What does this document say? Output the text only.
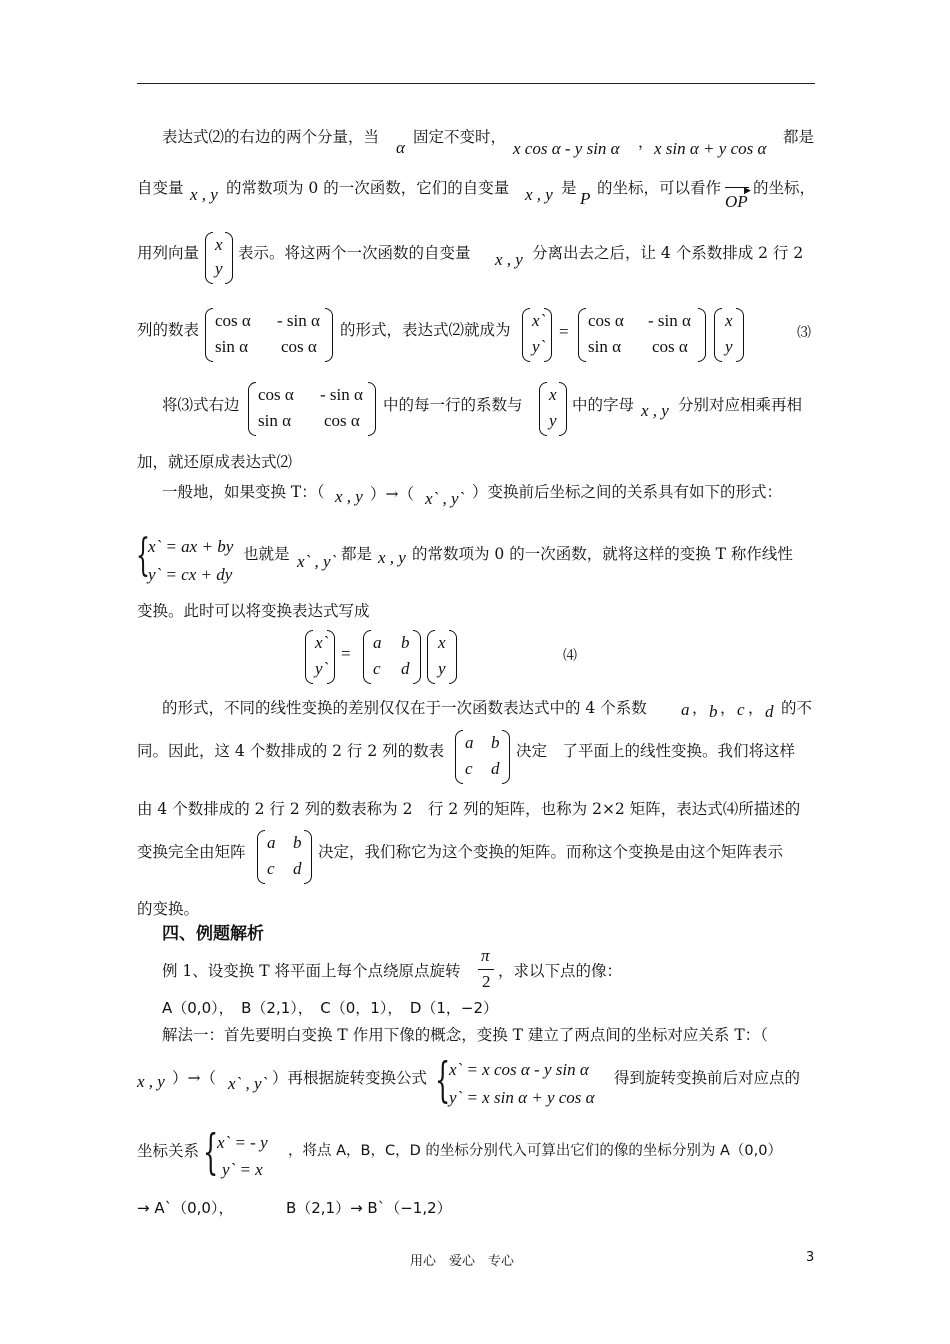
表达式⑵的右边的两个分量，当
α
固定不变时，
x cos α - y sin α ， x sin α + y cos α
都是
自变量 x , y 的常数项为 0 的一次函数，它们的自变量 x , y 是
P
的坐标，可以看作	▶
OP
的坐标，
用列向量 x
y
表示。将这两个一次函数的自变量 x , y 分离出去之后，让 4 个系数排成 2 行 2
列的数表 cos α - sin α
sin α cos α
的形式，表达式⑵就成为 x`
y`
=
cos α - sin α
sin α cos α
x
y
⑶
将⑶式右边
cos α - sin α
sin α cos α
中的每一行的系数与
x
y
中的字母 x , y 分别对应相乘再相
加，就还原成表达式⑵
一般地，如果变换 T：（ x , y ）→（ x` , y` ）变换前后坐标之间的关系具有如下的形式：
{
x` = ax + by
y` = cx + dy
也就是 x` , y` 都是 x , y 的常数项为 0 的一次函数，就将这样的变换 T 称作线性
变换。此时可以将变换表达式写成
x`
y`
=
a b
c d
x
y
⑷
的形式，不同的线性变换的差别仅仅在于一次函数表达式中的 4 个系数 a ， b ， c ， d 的不
同。因此，这 4 个数排成的 2 行 2 列的数表 a b
c d
决定　了平面上的线性变换。我们将这样
由 4 个数排成的 2 行 2 列的数表称为 2　行 2 列的矩阵，也称为 2×2 矩阵，表达式⑷所描述的
变换完全由矩阵 a b
c d
决定，我们称它为这个变换的矩阵。而称这个变换是由这个矩阵表示
的变换。
四、例题解析
例 1、设变换 T 将平面上每个点绕原点旋转
π
2
，求以下点的像：
A（0,0），　B（2,1），　C（0，1），　D（1，−2）
解法一：首先要明白变换 T 作用下像的概念，变换 T 建立了两点间的坐标对应关系 T：（
x , y ）→（ x` , y` ）再根据旋转变换公式 {
x` = x cos α - y sin α
y` = x sin α + y cos α
得到旋转变换前后对应点的
坐标关系 {
x` = - y
y` = x
，将点 A，B，C，D 的坐标分别代入可算出它们的像的坐标分别为 A（0,0）
→ A`（0,0），　　　　B（2,1）→ B`（−1,2）
用心　爱心　专心	3
